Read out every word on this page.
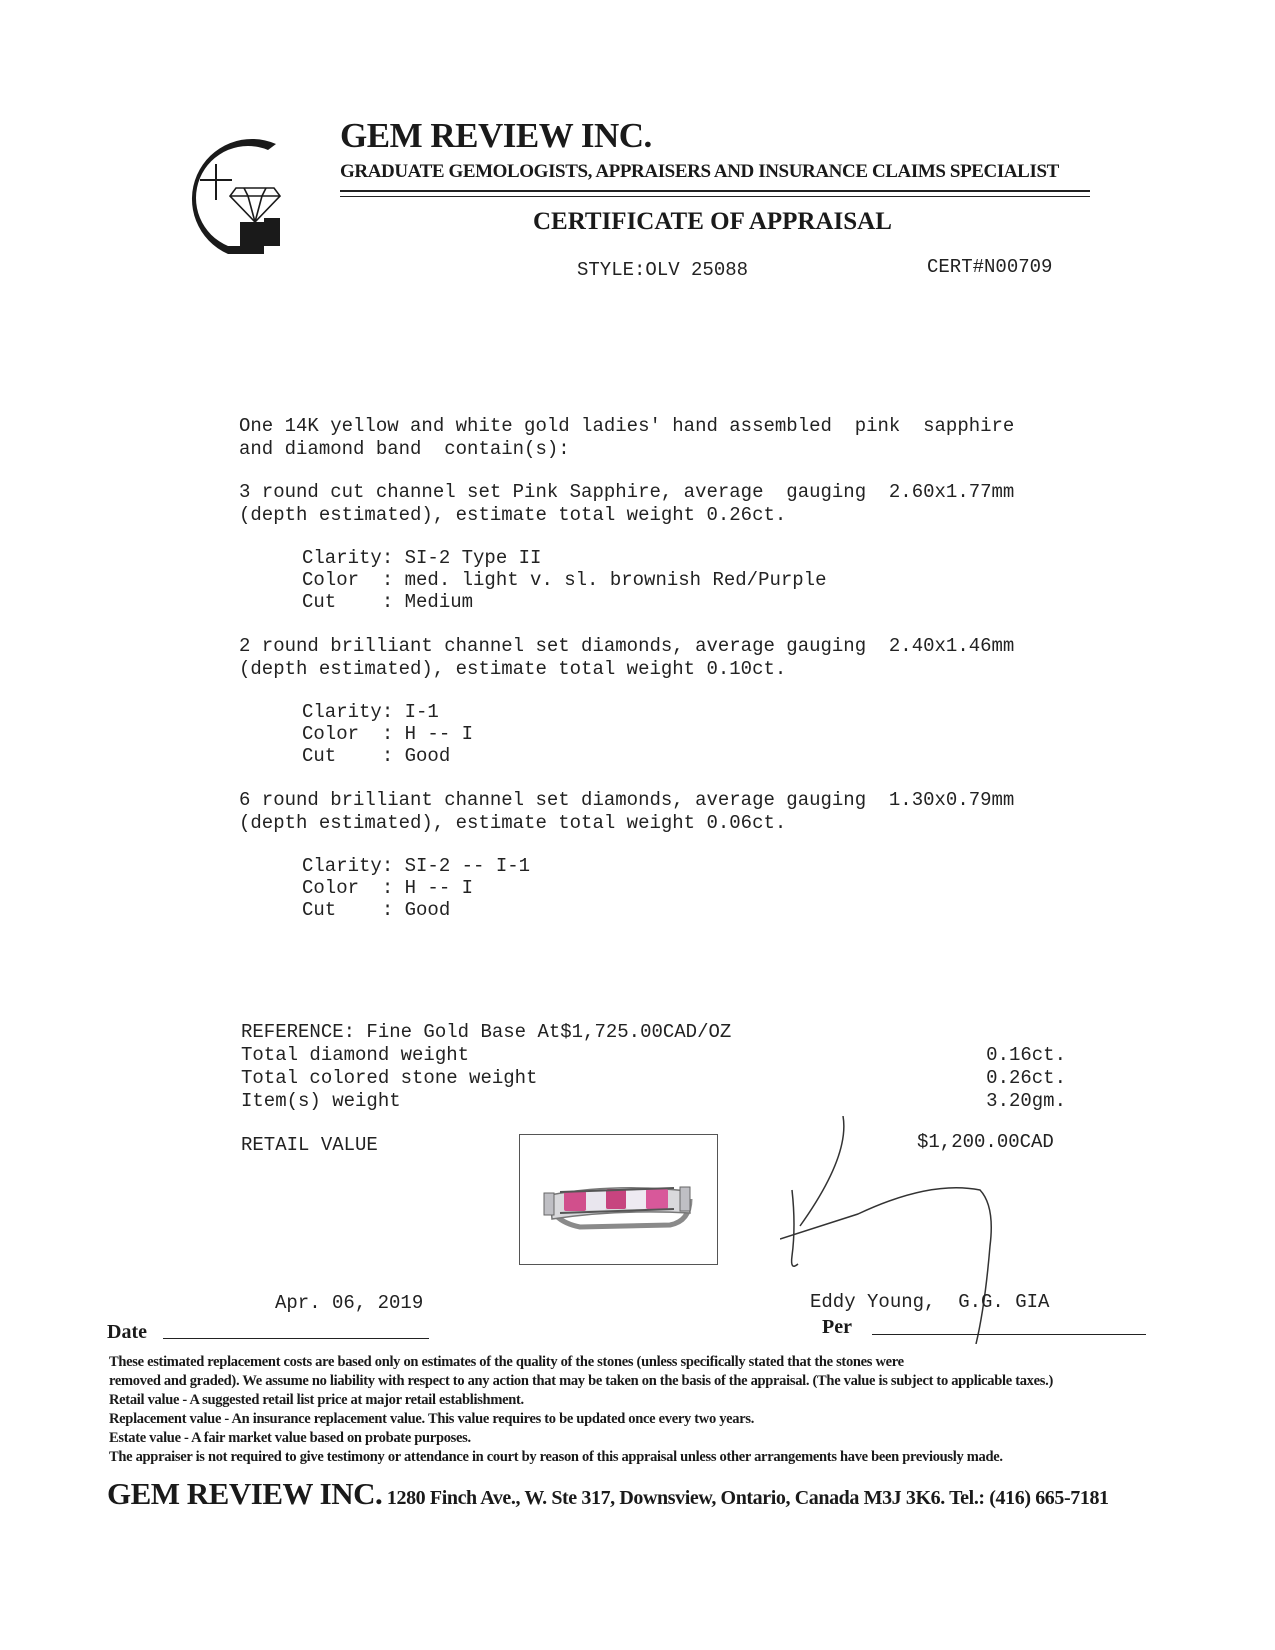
GEM REVIEW INC.
GRADUATE GEMOLOGISTS, APPRAISERS AND INSURANCE CLAIMS SPECIALIST
CERTIFICATE OF APPRAISAL
STYLE:OLV 25088	CERT#N00709
One 14K yellow and white gold ladies' hand assembled  pink  sapphire
and diamond band  contain(s):
3 round cut channel set Pink Sapphire, average  gauging  2.60x1.77mm
(depth estimated), estimate total weight 0.26ct.
Clarity: SI-2 Type II
Color  : med. light v. sl. brownish Red/Purple
Cut    : Medium
2 round brilliant channel set diamonds, average gauging  2.40x1.46mm
(depth estimated), estimate total weight 0.10ct.
Clarity: I-1
Color  : H -- I
Cut    : Good
6 round brilliant channel set diamonds, average gauging  1.30x0.79mm
(depth estimated), estimate total weight 0.06ct.
Clarity: SI-2 -- I-1
Color  : H -- I
Cut    : Good
REFERENCE: Fine Gold Base At$1,725.00CAD/OZ
Total diamond weight	0.16ct.
Total colored stone weight	0.26ct.
Item(s) weight	3.20gm.
RETAIL VALUE	$1,200.00CAD
Apr. 06, 2019
Date
Eddy Young,  G.G. GIA
Per
These estimated replacement costs are based only on estimates of the quality of the stones (unless specifically stated that the stones were
removed and graded). We assume no liability with respect to any action that may be taken on the basis of the appraisal. (The value is subject to applicable taxes.)
Retail value - A suggested retail list price at major retail establishment.
Replacement value - An insurance replacement value. This value requires to be updated once every two years.
Estate value - A fair market value based on probate purposes.
The appraiser is not required to give testimony or attendance in court by reason of this appraisal unless other arrangements have been previously made.
GEM REVIEW INC. 1280 Finch Ave., W. Ste 317, Downsview, Ontario, Canada M3J 3K6. Tel.: (416) 665-7181
